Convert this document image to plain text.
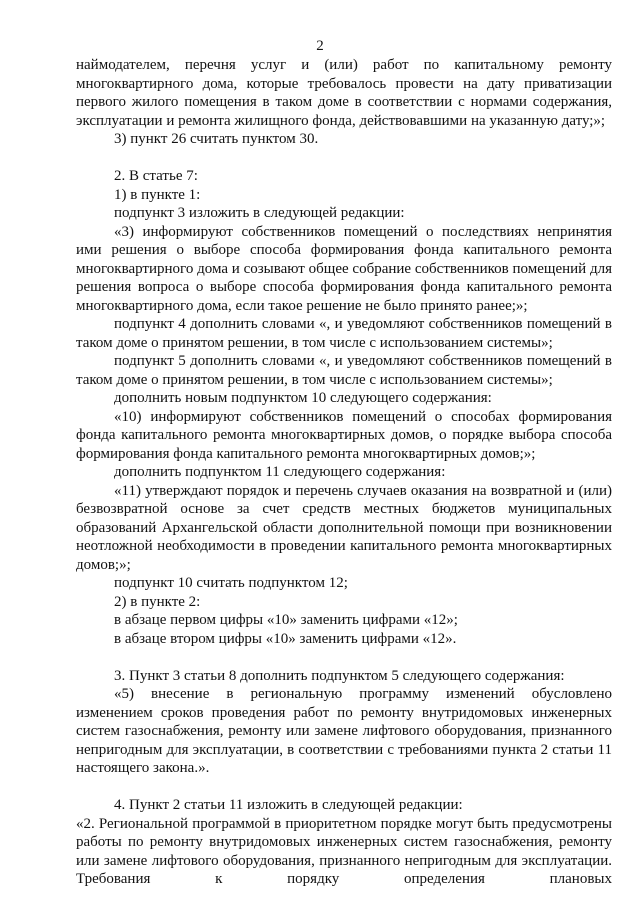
2

наймодателем, перечня услуг и (или) работ по капитальному ремонту многоквартирного дома, которые требовалось провести на дату приватизации первого жилого помещения в таком доме в соответствии с нормами содержания, эксплуатации и ремонта жилищного фонда, действовавшими на указанную дату;»;

3) пункт 26 считать пунктом 30.

2. В статье 7:

1) в пункте 1:

подпункт 3 изложить в следующей редакции:

«3) информируют собственников помещений о последствиях непринятия ими решения о выборе способа формирования фонда капитального ремонта многоквартирного дома и созывают общее собрание собственников помещений для решения вопроса о выборе способа формирования фонда капитального ремонта многоквартирного дома, если такое решение не было принято ранее;»;

подпункт 4 дополнить словами «, и уведомляют собственников помещений в таком доме о принятом решении, в том числе с использованием системы»;

подпункт 5 дополнить словами «, и уведомляют собственников помещений в таком доме о принятом решении, в том числе с использованием системы»;

дополнить новым подпунктом 10 следующего содержания:

«10) информируют собственников помещений о способах формирования фонда капитального ремонта многоквартирных домов, о порядке выбора способа формирования фонда капитального ремонта многоквартирных домов;»;

дополнить подпунктом 11 следующего содержания:

«11) утверждают порядок и перечень случаев оказания на возвратной и (или) безвозвратной основе за счет средств местных бюджетов муниципальных образований Архангельской области дополнительной помощи при возникновении неотложной необходимости в проведении капитального ремонта многоквартирных домов;»;

подпункт 10 считать подпунктом 12;

2) в пункте 2:

в абзаце первом цифры «10» заменить цифрами «12»;

в абзаце втором цифры «10» заменить цифрами «12».

3. Пункт 3 статьи 8 дополнить подпунктом 5 следующего содержания:

«5) внесение в региональную программу изменений обусловлено изменением сроков проведения работ по ремонту внутридомовых инженерных систем газоснабжения, ремонту или замене лифтового оборудования, признанного непригодным для эксплуатации, в соответствии с требованиями пункта 2 статьи 11 настоящего закона.».

4. Пункт 2 статьи 11 изложить в следующей редакции:

«2. Региональной программой в приоритетном порядке могут быть предусмотрены работы по ремонту внутридомовых инженерных систем газоснабжения, ремонту или замене лифтового оборудования, признанного непригодным для эксплуатации. Требования к порядку определения плановых
